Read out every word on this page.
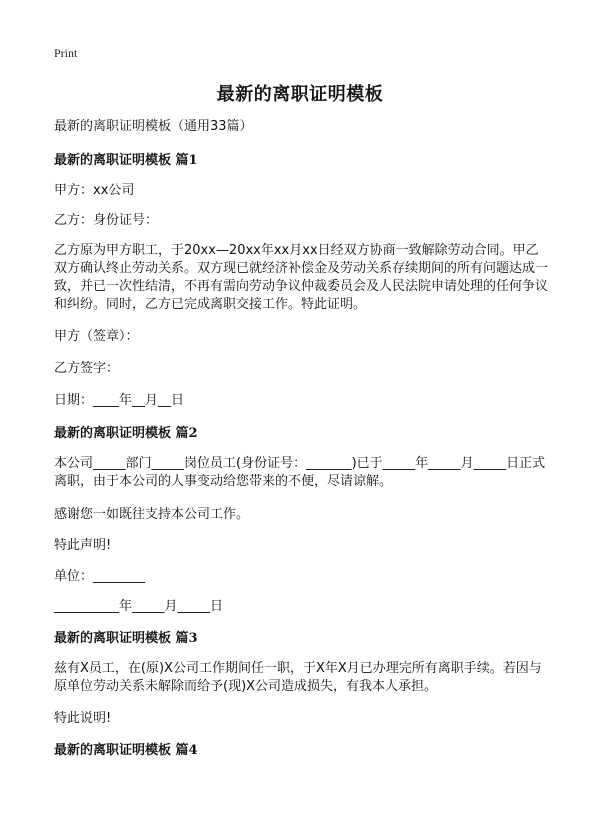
Print
最新的离职证明模板
最新的离职证明模板（通用33篇）
最新的离职证明模板 篇1
甲方：xx公司
乙方：身份证号：
乙方原为甲方职工，于20xx—20xx年xx月xx日经双方协商一致解除劳动合同。甲乙双方确认终止劳动关系。双方现已就经济补偿金及劳动关系存续期间的所有问题达成一致，并已一次性结清，不再有需向劳动争议仲裁委员会及人民法院申请处理的任何争议和纠纷。同时，乙方已完成离职交接工作。特此证明。
甲方（签章）：
乙方签字：
日期：____年__月__日
最新的离职证明模板 篇2
本公司_____部门_____岗位员工(身份证号：_______)已于_____年_____月_____日正式离职，由于本公司的人事变动给您带来的不便，尽请谅解。
感谢您一如既往支持本公司工作。
特此声明!
单位：________
__________年_____月_____日
最新的离职证明模板 篇3
兹有X员工，在(原)X公司工作期间任一职，于X年X月已办理完所有离职手续。若因与原单位劳动关系未解除而给予(现)X公司造成损失，有我本人承担。
特此说明!
最新的离职证明模板 篇4
